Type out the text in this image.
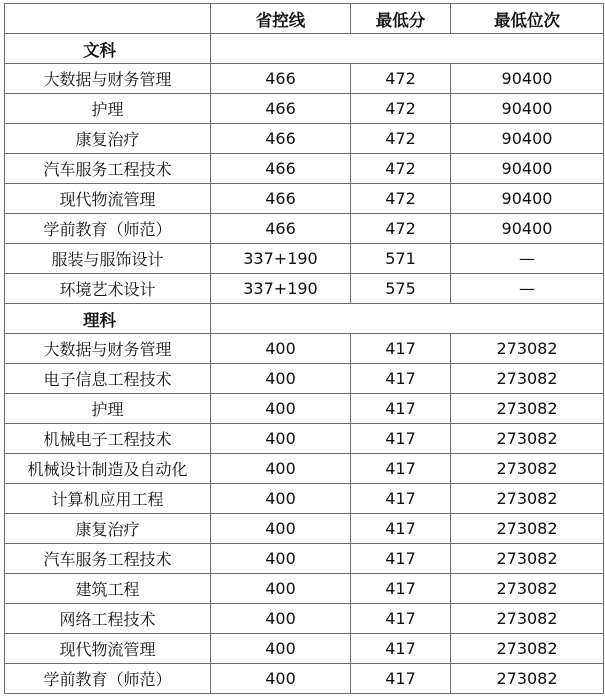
	省控线	最低分	最低位次
文科			
大数据与财务管理	466	472	90400
护理	466	472	90400
康复治疗	466	472	90400
汽车服务工程技术	466	472	90400
现代物流管理	466	472	90400
学前教育（师范）	466	472	90400
服装与服饰设计	337+190	571	—
环境艺术设计	337+190	575	—
理科			
大数据与财务管理	400	417	273082
电子信息工程技术	400	417	273082
护理	400	417	273082
机械电子工程技术	400	417	273082
机械设计制造及自动化	400	417	273082
计算机应用工程	400	417	273082
康复治疗	400	417	273082
汽车服务工程技术	400	417	273082
建筑工程	400	417	273082
网络工程技术	400	417	273082
现代物流管理	400	417	273082
学前教育（师范）	400	417	273082
